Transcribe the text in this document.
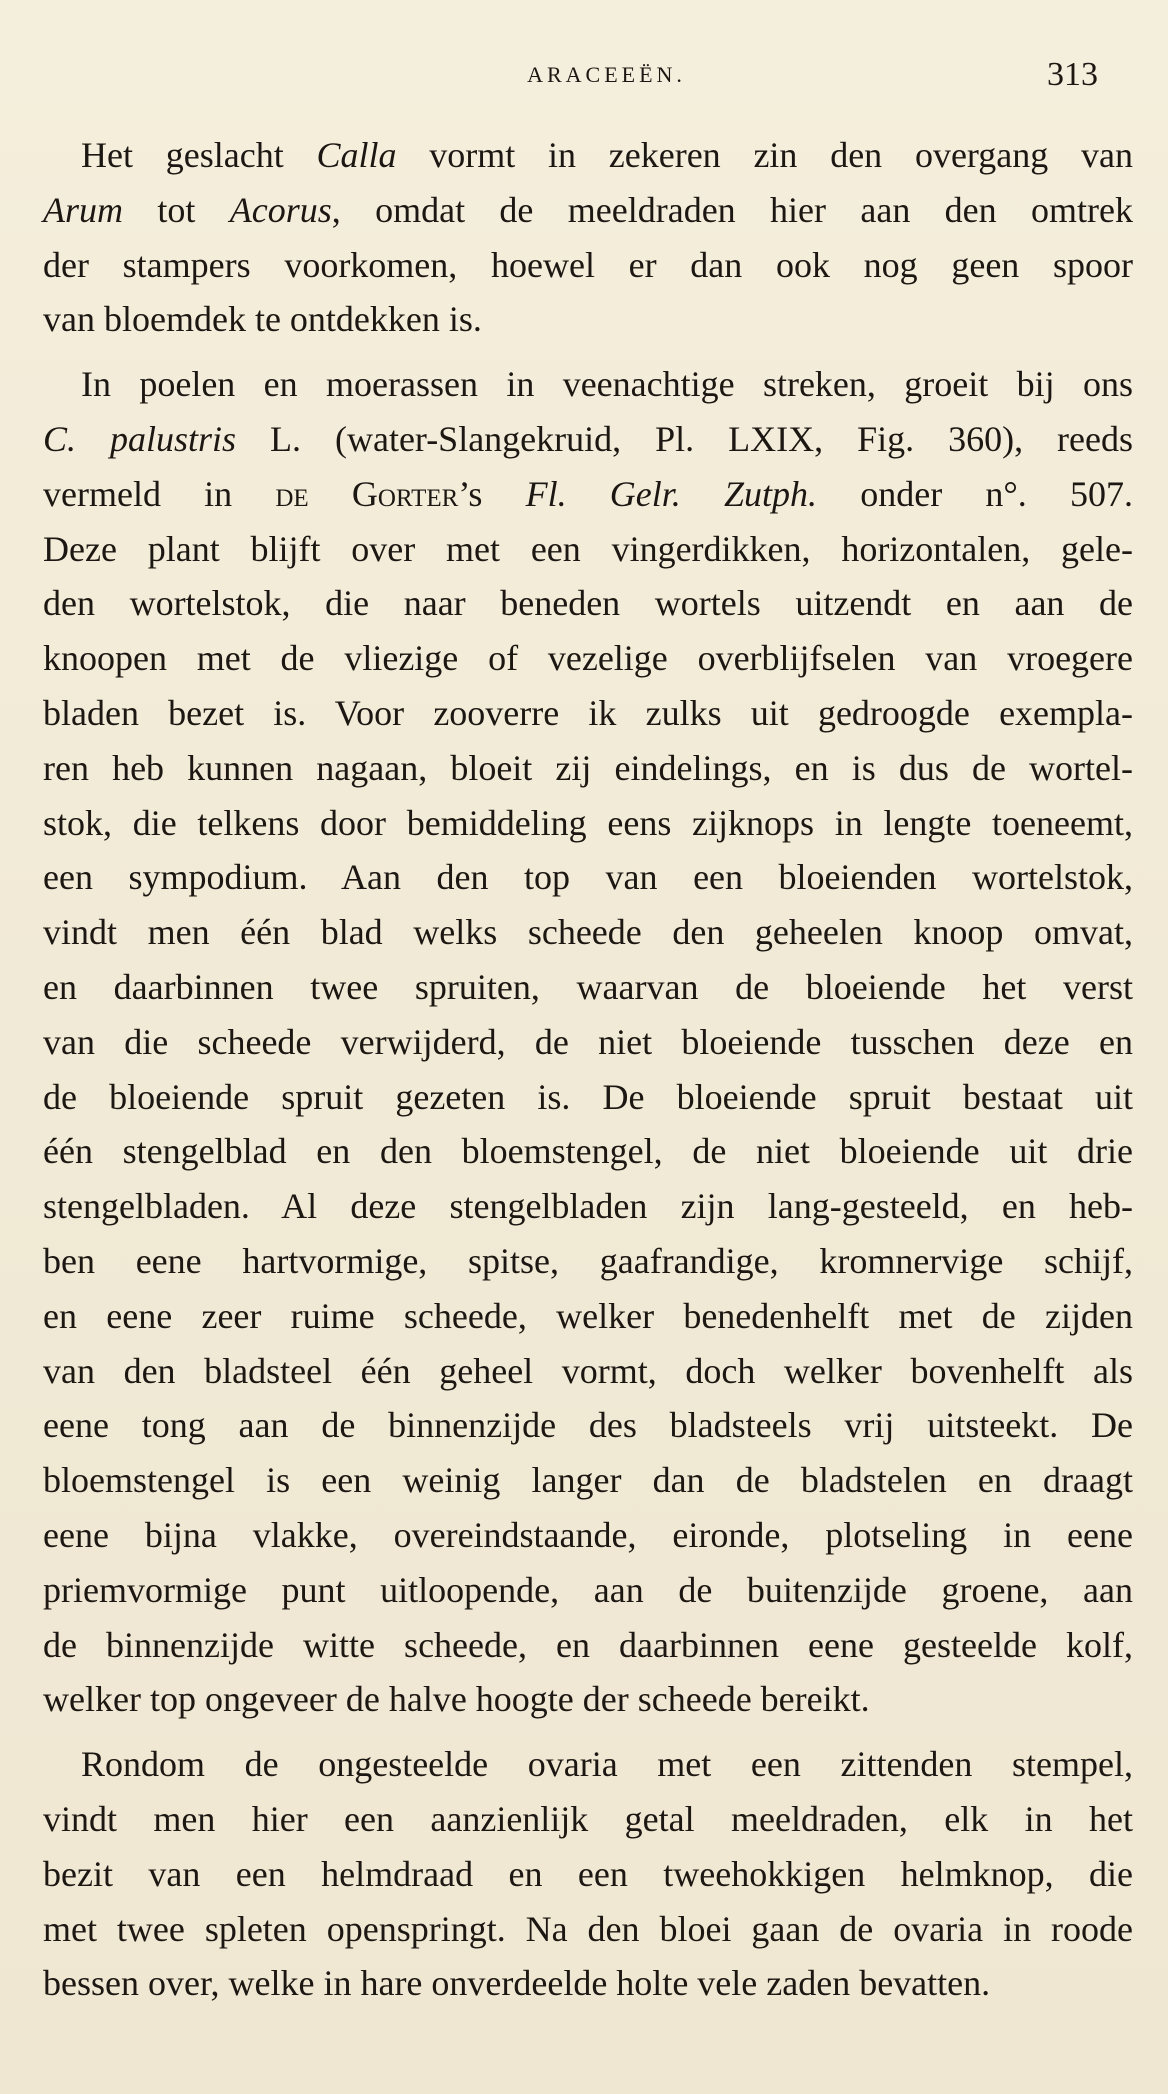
ARACEEËN.	313
Het geslacht Calla vormt in zekeren zin den overgang van
Arum tot Acorus, omdat de meeldraden hier aan den omtrek
der stampers voorkomen, hoewel er dan ook nog geen spoor
van bloemdek te ontdekken is.
In poelen en moerassen in veenachtige streken, groeit bij ons
C. palustris L. (water-Slangekruid, Pl. LXIX, Fig. 360), reeds
vermeld in de Gorter’s Fl. Gelr. Zutph. onder n°. 507.
Deze plant blijft over met een vingerdikken, horizontalen, gele-
den wortelstok, die naar beneden wortels uitzendt en aan de
knoopen met de vliezige of vezelige overblijfselen van vroegere
bladen bezet is. Voor zooverre ik zulks uit gedroogde exempla-
ren heb kunnen nagaan, bloeit zij eindelings, en is dus de wortel-
stok, die telkens door bemiddeling eens zijknops in lengte toeneemt,
een sympodium. Aan den top van een bloeienden wortelstok,
vindt men één blad welks scheede den geheelen knoop omvat,
en daarbinnen twee spruiten, waarvan de bloeiende het verst
van die scheede verwijderd, de niet bloeiende tusschen deze en
de bloeiende spruit gezeten is. De bloeiende spruit bestaat uit
één stengelblad en den bloemstengel, de niet bloeiende uit drie
stengelbladen. Al deze stengelbladen zijn lang-gesteeld, en heb-
ben eene hartvormige, spitse, gaafrandige, kromnervige schijf,
en eene zeer ruime scheede, welker benedenhelft met de zijden
van den bladsteel één geheel vormt, doch welker bovenhelft als
eene tong aan de binnenzijde des bladsteels vrij uitsteekt. De
bloemstengel is een weinig langer dan de bladstelen en draagt
eene bijna vlakke, overeindstaande, eironde, plotseling in eene
priemvormige punt uitloopende, aan de buitenzijde groene, aan
de binnenzijde witte scheede, en daarbinnen eene gesteelde kolf,
welker top ongeveer de halve hoogte der scheede bereikt.
Rondom de ongesteelde ovaria met een zittenden stempel,
vindt men hier een aanzienlijk getal meeldraden, elk in het
bezit van een helmdraad en een tweehokkigen helmknop, die
met twee spleten openspringt. Na den bloei gaan de ovaria in roode
bessen over, welke in hare onverdeelde holte vele zaden bevatten.
